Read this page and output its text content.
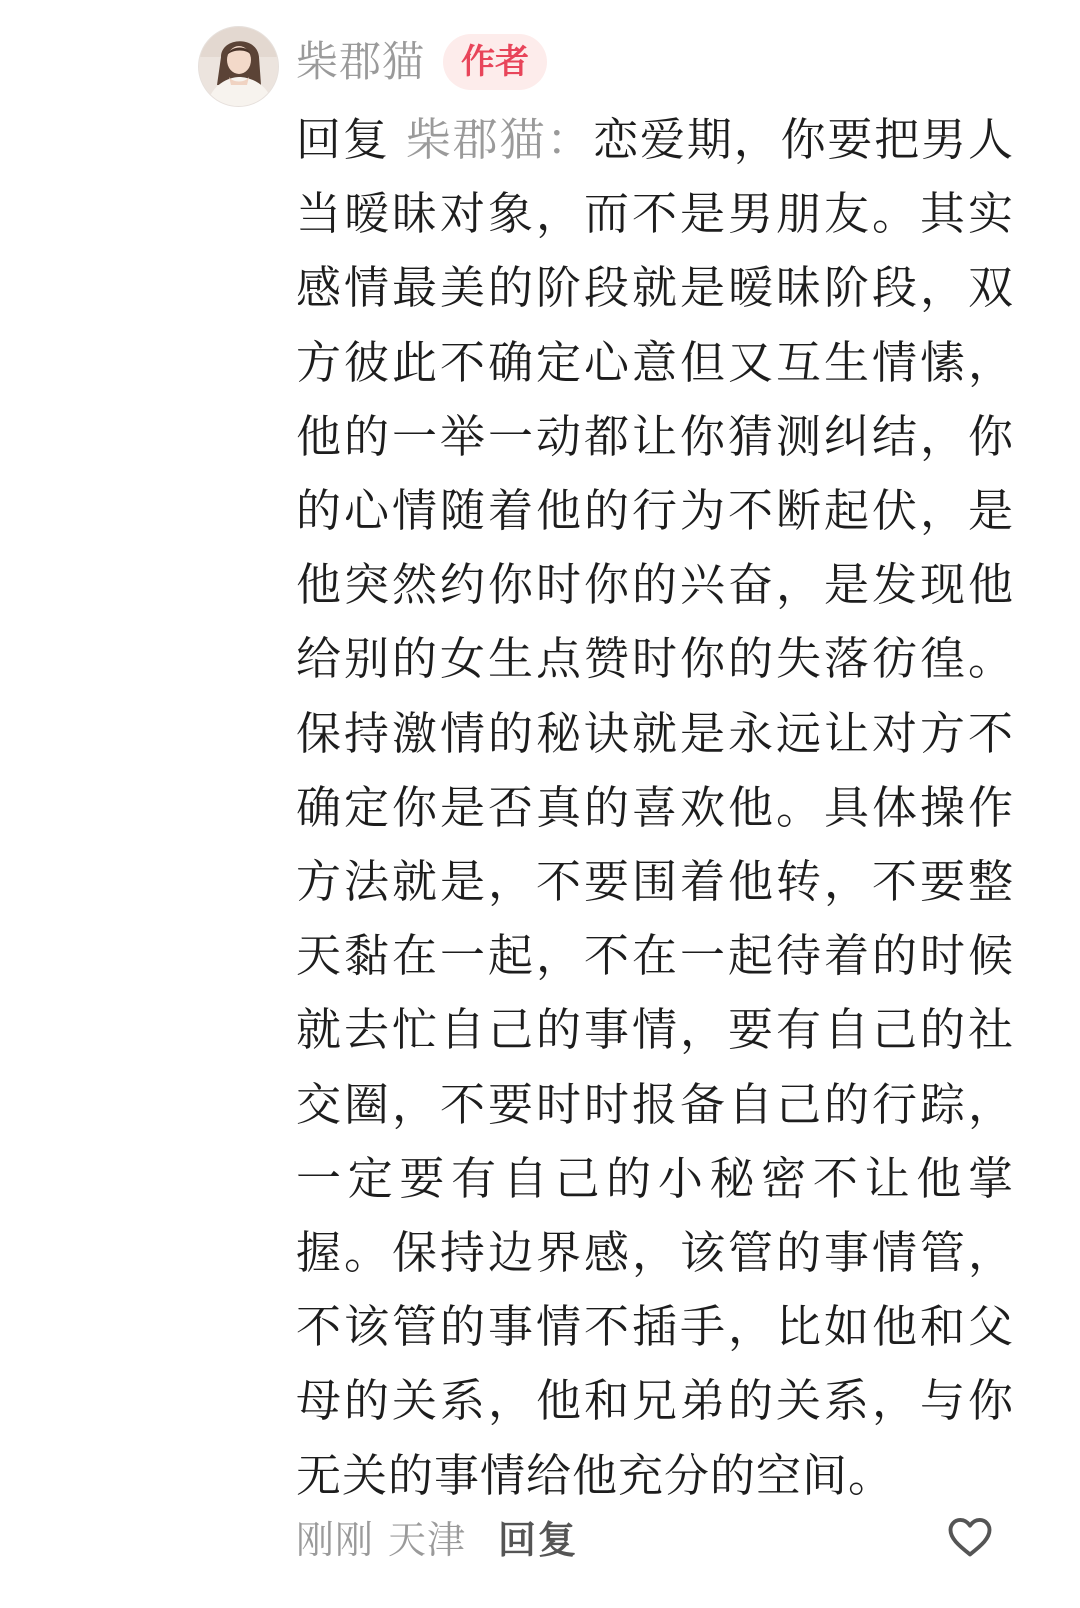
柴郡猫	作者
回复 柴郡猫：恋爱期，你要把男人当暧昧对象，而不是男朋友。其实感情最美的阶段就是暧昧阶段，双方彼此不确定心意但又互生情愫，他的一举一动都让你猜测纠结，你的心情随着他的行为不断起伏，是他突然约你时你的兴奋，是发现他给别的女生点赞时你的失落彷徨。保持激情的秘诀就是永远让对方不确定你是否真的喜欢他。具体操作方法就是，不要围着他转，不要整天黏在一起，不在一起待着的时候就去忙自己的事情，要有自己的社交圈，不要时时报备自己的行踪，一定要有自己的小秘密不让他掌握。保持边界感，该管的事情管，不该管的事情不插手，比如他和父母的关系，他和兄弟的关系，与你无关的事情给他充分的空间。
刚刚 天津 回复
